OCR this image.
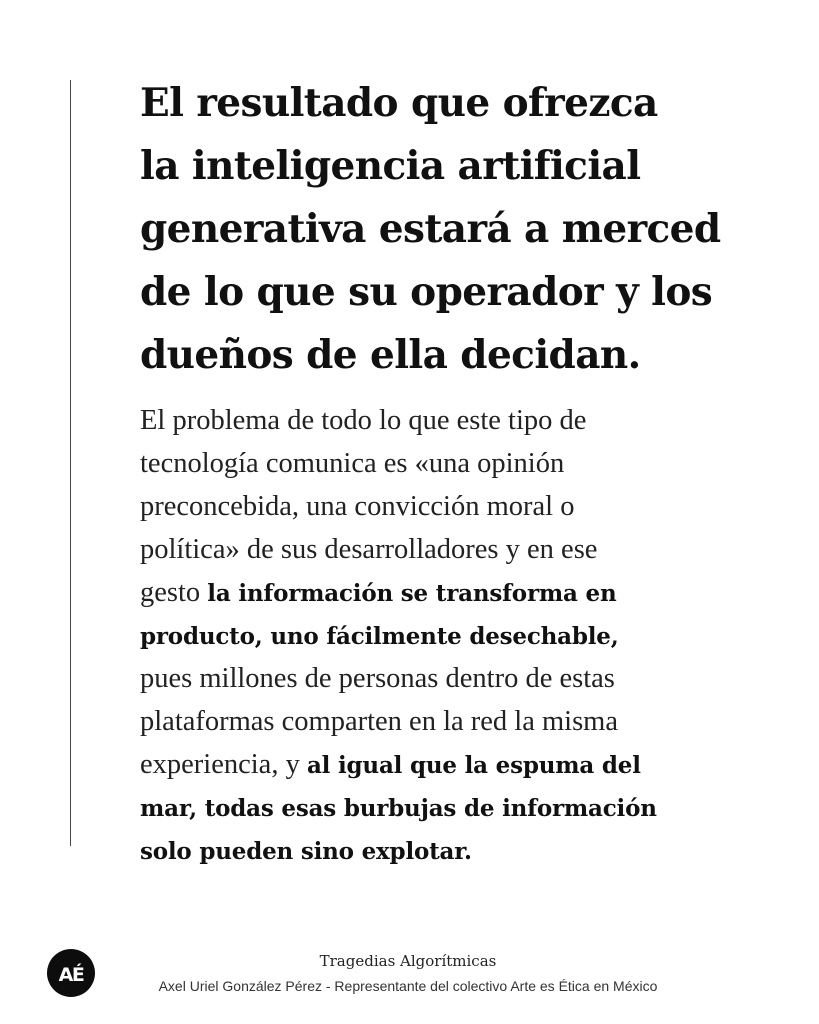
El resultado que ofrezca
la inteligencia artificial
generativa estará a merced
de lo que su operador y los
dueños de ella decidan.
El problema de todo lo que este tipo de
tecnología comunica es «una opinión
preconcebida, una convicción moral o
política» de sus desarrolladores y en ese
gesto la información se transforma en
producto, uno fácilmente desechable,
pues millones de personas dentro de estas
plataformas comparten en la red la misma
experiencia, y al igual que la espuma del
mar, todas esas burbujas de información
solo pueden sino explotar.
AÉ
Tragedias Algorítmicas
Axel Uriel González Pérez - Representante del colectivo Arte es Ética en México
